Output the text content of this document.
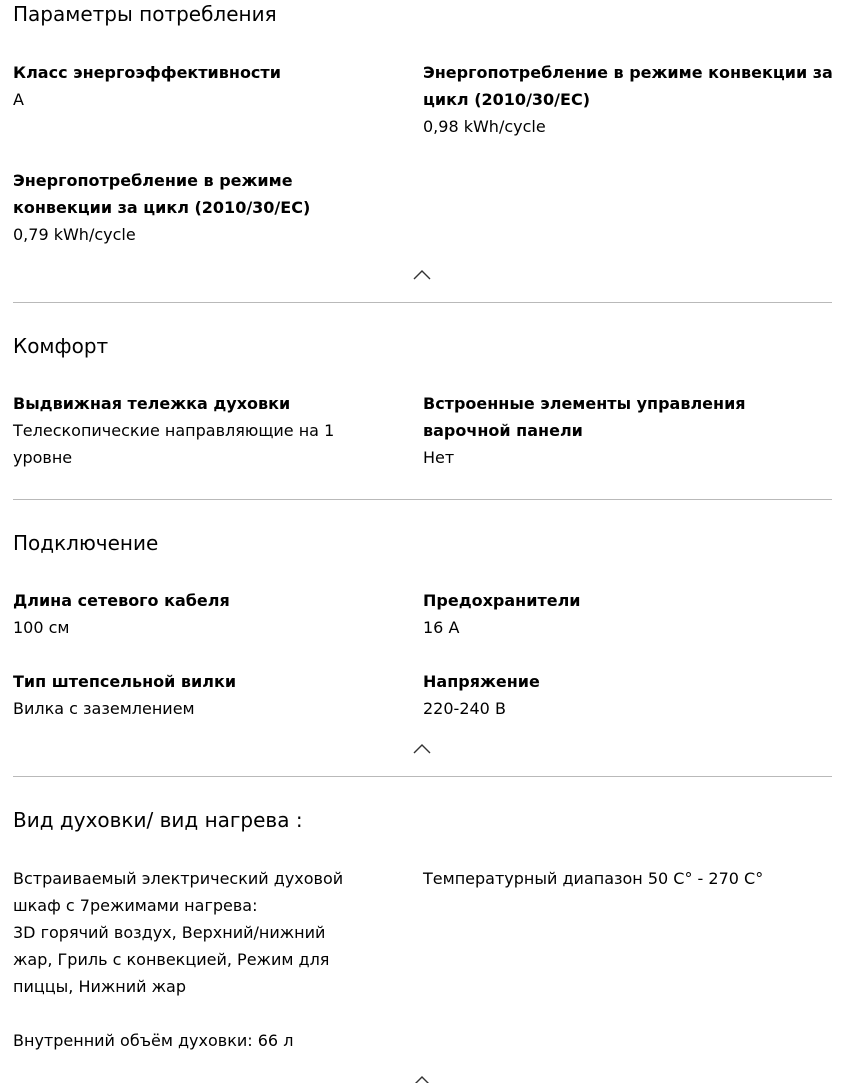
Параметры потребления

Класс энергоэффективности

A

Энергопотребление в режиме конвекции за цикл (2010/30/EC)

0,98 kWh/cycle

Энергопотребление в режиме конвекции за цикл (2010/30/EC)

0,79 kWh/cycle

Комфорт

Выдвижная тележка духовки

Телескопические направляющие на 1 уровне

Встроенные элементы управления варочной панели

Нет

Подключение

Длина сетевого кабеля

100 см

Предохранители

16 A

Тип штепсельной вилки

Вилка с заземлением

Напряжение

220-240 В

Вид духовки/ вид нагрева :

Встраиваемый электрический духовой шкаф с 7режимами нагрева:
3D горячий воздух, Верхний/нижний жар, Гриль с конвекцией, Режим для пиццы, Нижний жар

Температурный диапазон 50 С° - 270 С°

Внутренний объём духовки: 66 л
